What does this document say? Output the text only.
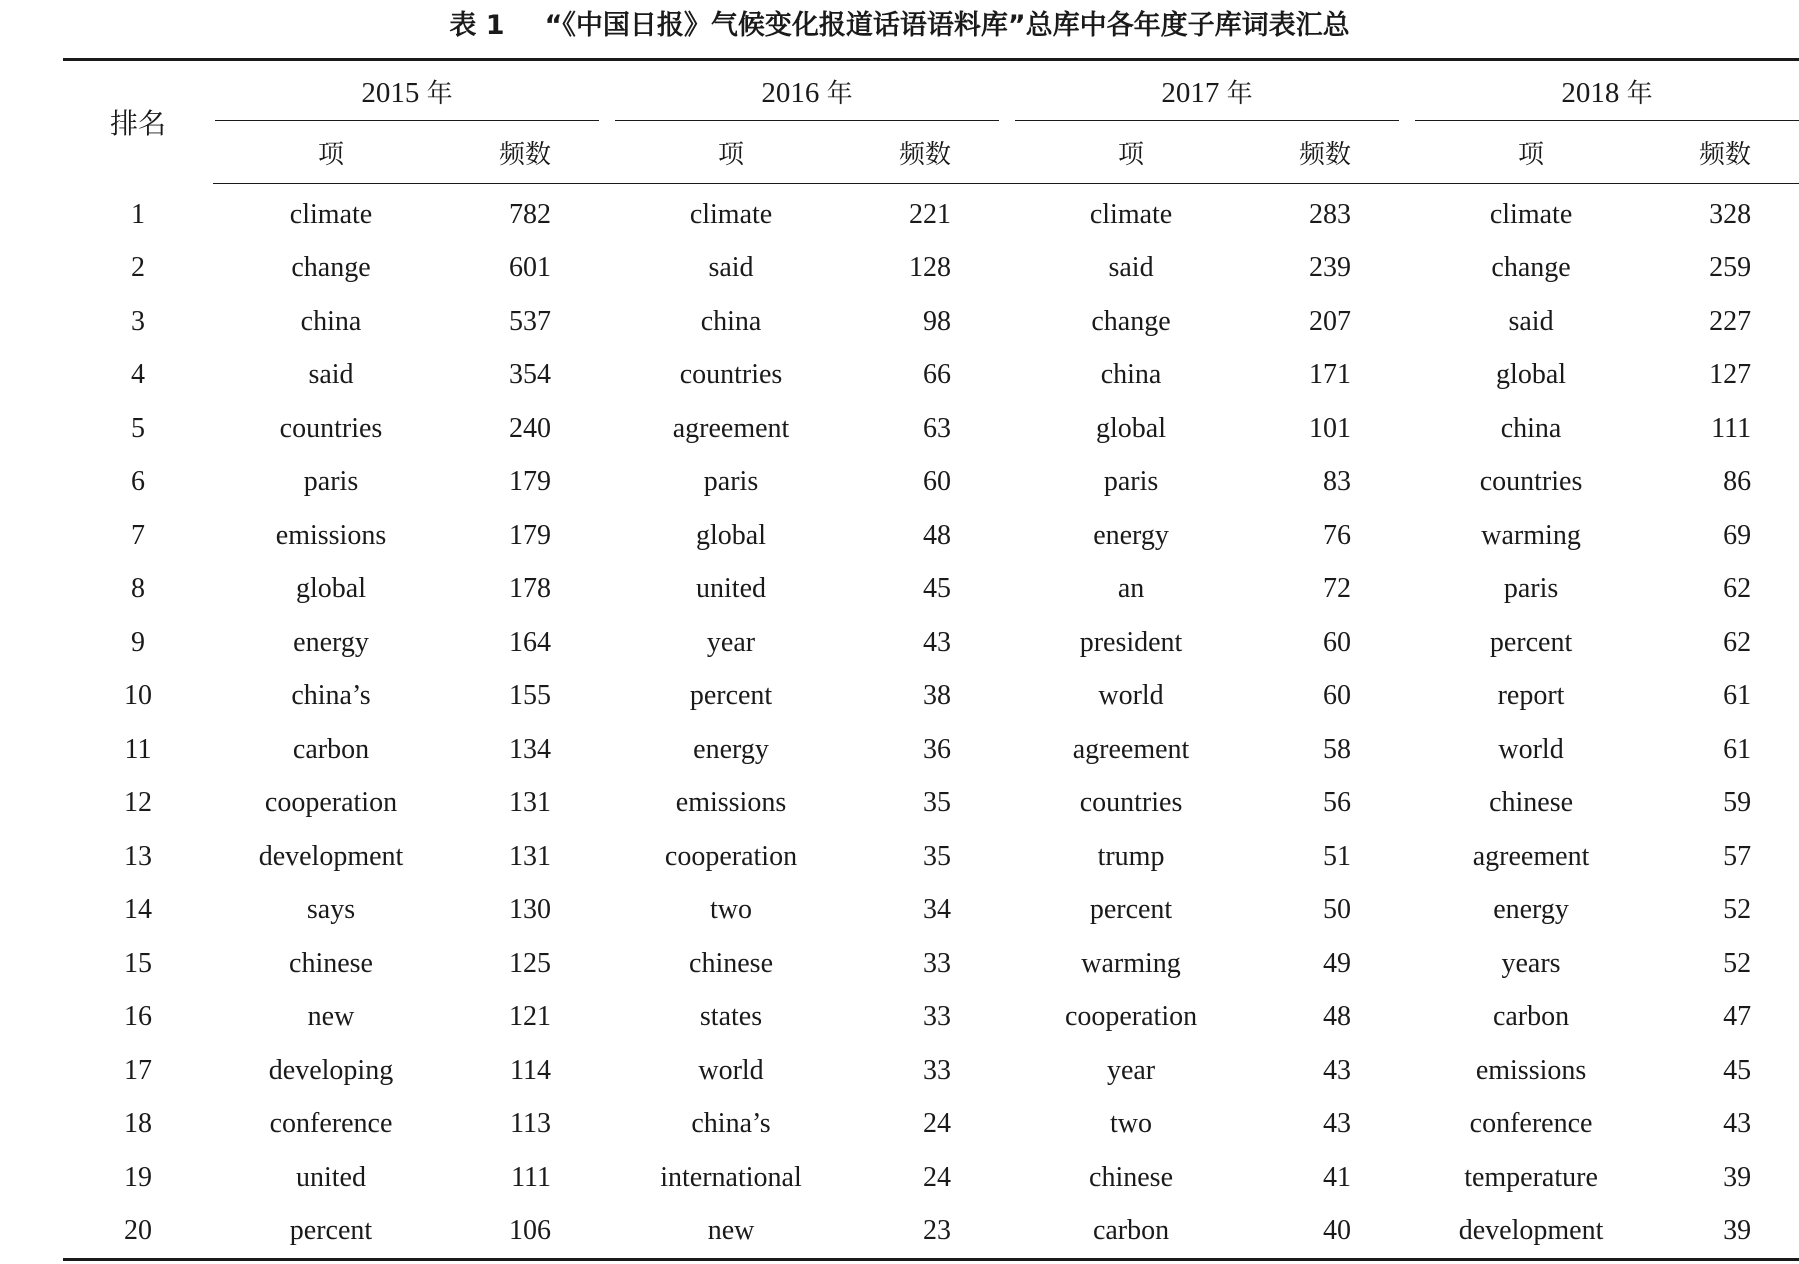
表 1 “《中国日报》气候变化报道话语语料库”总库中各年度子库词表汇总
排名	2015 年			2016 年			2017 年			2018 年	
	项	频数		项	频数		项	频数		项	频数
1	climate	782		climate	221		climate	283		climate	328
2	change	601		said	128		said	239		change	259
3	china	537		china	98		change	207		said	227
4	said	354		countries	66		china	171		global	127
5	countries	240		agreement	63		global	101		china	111
6	paris	179		paris	60		paris	83		countries	86
7	emissions	179		global	48		energy	76		warming	69
8	global	178		united	45		an	72		paris	62
9	energy	164		year	43		president	60		percent	62
10	china’s	155		percent	38		world	60		report	61
11	carbon	134		energy	36		agreement	58		world	61
12	cooperation	131		emissions	35		countries	56		chinese	59
13	development	131		cooperation	35		trump	51		agreement	57
14	says	130		two	34		percent	50		energy	52
15	chinese	125		chinese	33		warming	49		years	52
16	new	121		states	33		cooperation	48		carbon	47
17	developing	114		world	33		year	43		emissions	45
18	conference	113		china’s	24		two	43		conference	43
19	united	111		international	24		chinese	41		temperature	39
20	percent	106		new	23		carbon	40		development	39
